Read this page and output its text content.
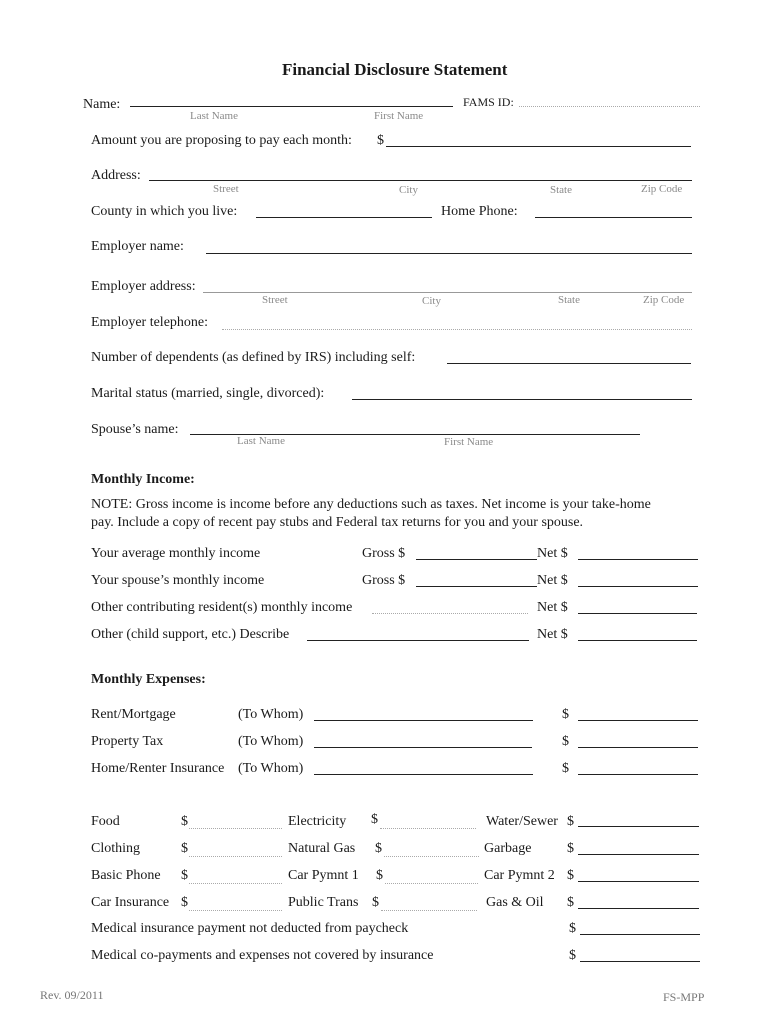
Financial Disclosure Statement
Name:
Last Name	First Name
FAMS ID:
Amount you are proposing to pay each month: $
Address:
Street	City	State	Zip Code
County in which you live:	Home Phone:
Employer name:
Employer address:
Street	City	State	Zip Code
Employer telephone:
Number of dependents (as defined by IRS) including self:
Marital status (married, single, divorced):
Spouse’s name:
Last Name	First Name
Monthly Income:
NOTE: Gross income is income before any deductions such as taxes. Net income is your take-home
pay. Include a copy of recent pay stubs and Federal tax returns for you and your spouse.
Your average monthly income	Gross $	Net $
Your spouse’s monthly income	Gross $	Net $
Other contributing resident(s) monthly income	Net $
Other (child support, etc.) Describe	Net $
Monthly Expenses:
Rent/Mortgage	(To Whom)	$
Property Tax	(To Whom)	$
Home/Renter Insurance (To Whom)	$
Food	$	Electricity $	Water/Sewer $
Clothing	$	Natural Gas $	Garbage	$
Basic Phone $	Car Pymnt 1 $	Car Pymnt 2 $
Car Insurance $	Public Trans $	Gas & Oil $
Medical insurance payment not deducted from paycheck	$
Medical co-payments and expenses not covered by insurance	$
Rev. 09/2011	FS-MPP
